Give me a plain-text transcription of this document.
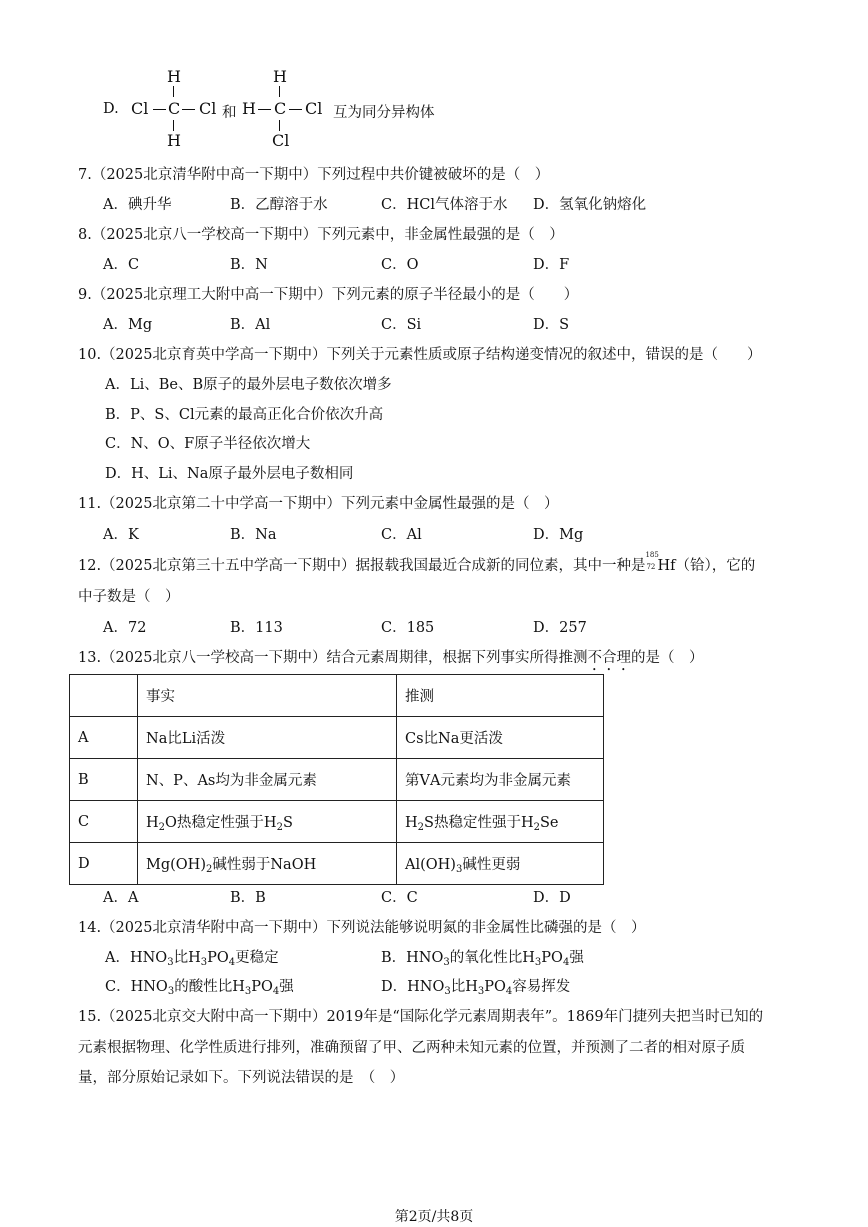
D.
H
Cl C Cl
H
和
H
H C Cl
Cl
互为同分异构体
7.（2025北京清华附中高一下期中）下列过程中共价键被破坏的是（　）
A．碘升华	B．乙醇溶于水	C．HCl气体溶于水 D．氢氧化钠熔化
8.（2025北京八一学校高一下期中）下列元素中，非金属性最强的是（　）
A．C	B．N	C．O	D．F
9.（2025北京理工大附中高一下期中）下列元素的原子半径最小的是（　　）
A．Mg	B．Al	C．Si	D．S
10.（2025北京育英中学高一下期中）下列关于元素性质或原子结构递变情况的叙述中，错误的是（　　）
A．Li、Be、B原子的最外层电子数依次增多
B．P、S、Cl元素的最高正化合价依次升高
C．N、O、F原子半径依次增大
D．H、Li、Na原子最外层电子数相同
11.（2025北京第二十中学高一下期中）下列元素中金属性最强的是（　）
A．K	B．Na	C．Al	D．Mg
12.（2025北京第三十五中学高一下期中）据报载我国最近合成新的同位素，其中一种是
185
72 Hf（铪），它的
中子数是（　）
A．72	B．113	C．185	D．257
13.（2025北京八一学校高一下期中）结合元素周期律，根据下列事实所得推测不合理的是（　）
	事实	推测
A	Na比Li活泼	Cs比Na更活泼
B	N、P、As均为非金属元素	第ⅤA元素均为非金属元素
C	$H_2O$热稳定性强于$H_2S$	$H_2S$热稳定性强于$H_2Se$
D	$Mg(OH)_2$碱性弱于NaOH	$Al(OH)_3$碱性更弱
A．A	B．B	C．C	D．D
14.（2025北京清华附中高一下期中）下列说法能够说明氮的非金属性比磷强的是（　）
A．$HNO_3$比$H_3PO_4$更稳定	B．$HNO_3$的氧化性比$H_3PO_4$强
C．$HNO_3$的酸性比$H_3PO_4$强	D．$HNO_3$比$H_3PO_4$容易挥发
15.（2025北京交大附中高一下期中）2019年是“国际化学元素周期表年”。1869年门捷列夫把当时已知的
元素根据物理、化学性质进行排列，准确预留了甲、乙两种未知元素的位置，并预测了二者的相对原子质
量，部分原始记录如下。下列说法错误的是　（　）
第2页/共8页
